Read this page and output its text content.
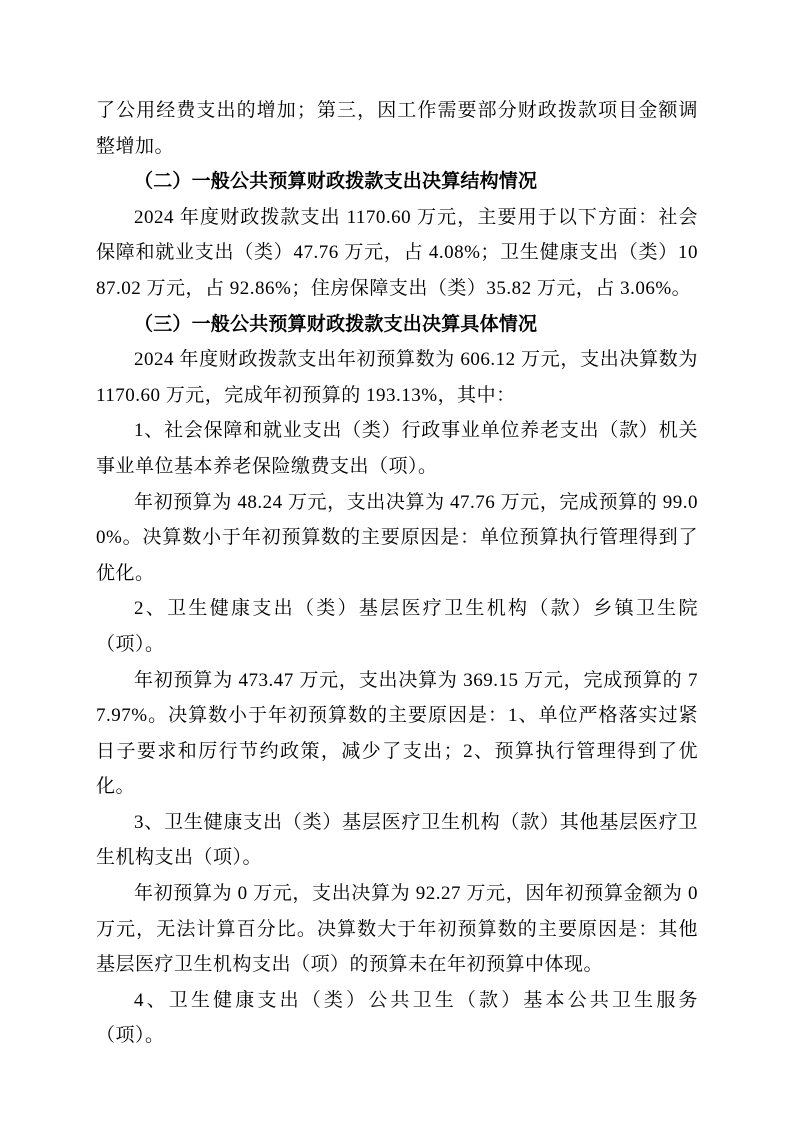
了公用经费支出的增加；第三，因工作需要部分财政拨款项目金额调整增加。

（二）一般公共预算财政拨款支出决算结构情况

2024 年度财政拨款支出 1170.60 万元，主要用于以下方面：社会保障和就业支出（类）47.76 万元，占 4.08%；卫生健康支出（类）1087.02 万元，占 92.86%；住房保障支出（类）35.82 万元，占 3.06%。

（三）一般公共预算财政拨款支出决算具体情况

2024 年度财政拨款支出年初预算数为 606.12 万元，支出决算数为 1170.60 万元，完成年初预算的 193.13%，其中：

1、社会保障和就业支出（类）行政事业单位养老支出（款）机关事业单位基本养老保险缴费支出（项）。

年初预算为 48.24 万元，支出决算为 47.76 万元，完成预算的 99.00%。决算数小于年初预算数的主要原因是：单位预算执行管理得到了优化。

2、卫生健康支出（类）基层医疗卫生机构（款）乡镇卫生院（项）。

年初预算为 473.47 万元，支出决算为 369.15 万元，完成预算的 77.97%。决算数小于年初预算数的主要原因是：1、单位严格落实过紧日子要求和厉行节约政策，减少了支出；2、预算执行管理得到了优化。

3、卫生健康支出（类）基层医疗卫生机构（款）其他基层医疗卫生机构支出（项）。

年初预算为 0 万元，支出决算为 92.27 万元，因年初预算金额为 0 万元，无法计算百分比。决算数大于年初预算数的主要原因是：其他基层医疗卫生机构支出（项）的预算未在年初预算中体现。

4、卫生健康支出（类）公共卫生（款）基本公共卫生服务（项）。
